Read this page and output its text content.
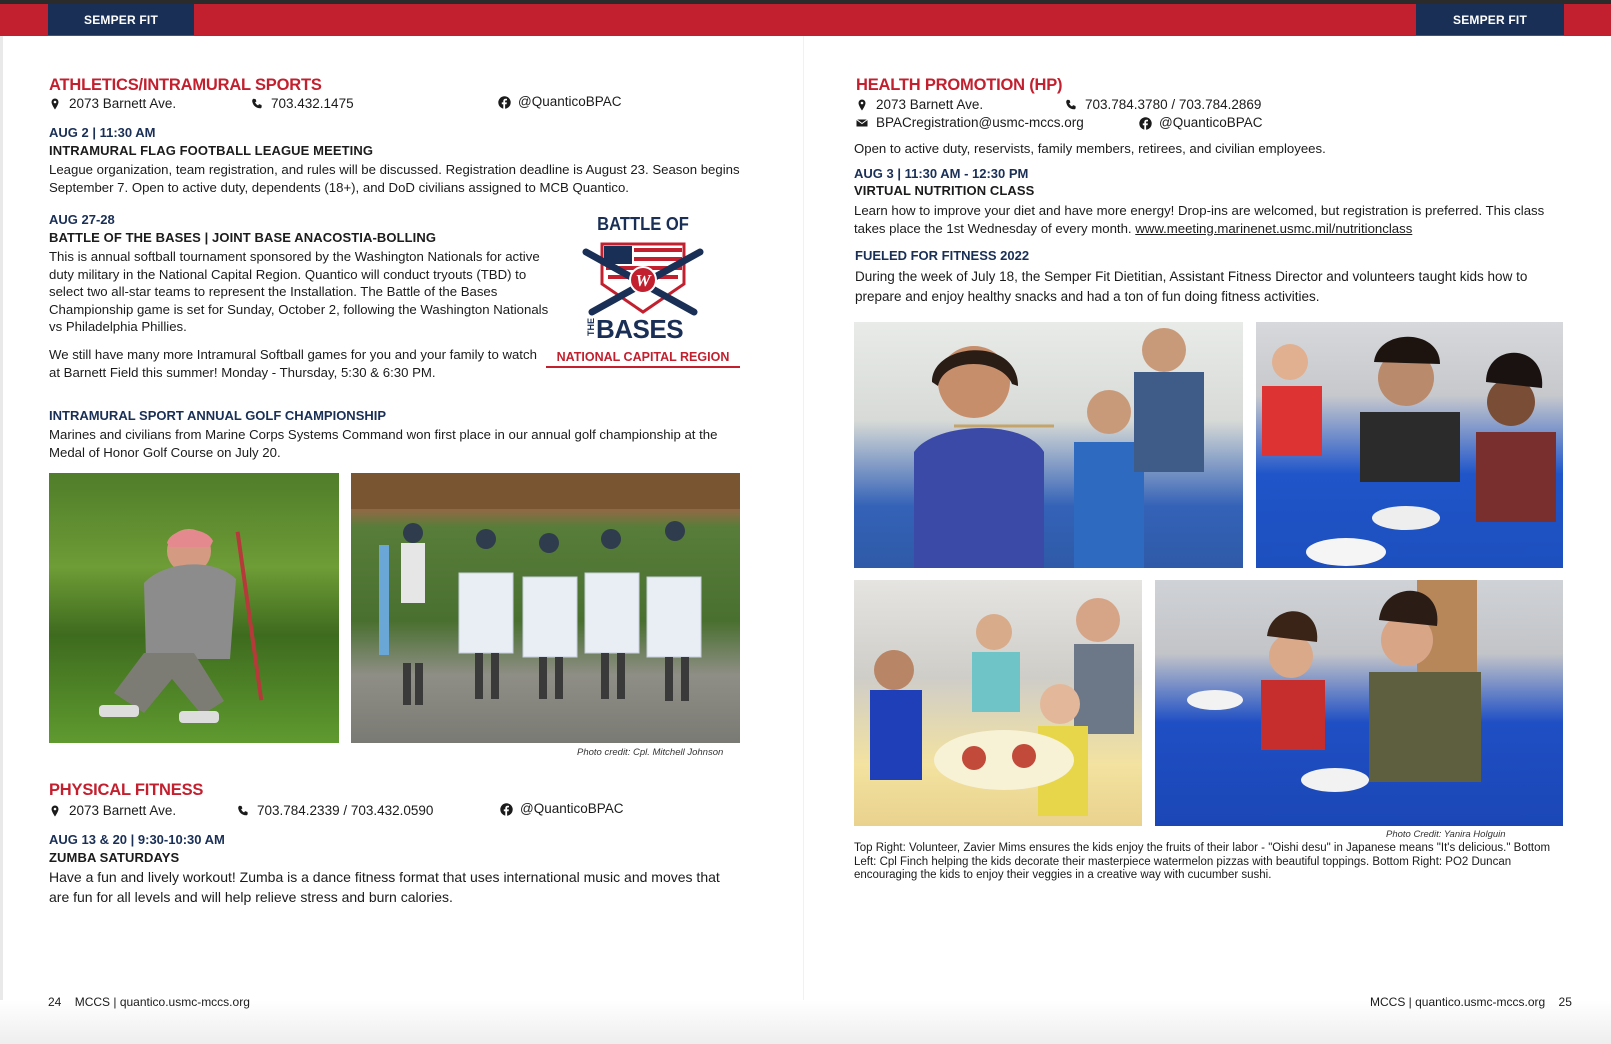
SEMPER FIT	SEMPER FIT
ATHLETICS/INTRAMURAL SPORTS
2073 Barnett Ave.	703.432.1475	@QuanticoBPAC
AUG 2 | 11:30 AM
INTRAMURAL FLAG FOOTBALL LEAGUE MEETING
League organization, team registration, and rules will be discussed. Registration deadline is August 23. Season begins September 7. Open to active duty, dependents (18+), and DoD civilians assigned to MCB Quantico.
AUG 27-28
BATTLE OF THE BASES | JOINT BASE ANACOSTIA-BOLLING
This is annual softball tournament sponsored by the Washington Nationals for active duty military in the National Capital Region. Quantico will conduct tryouts (TBD) to select two all-star teams to represent the Installation. The Battle of the Bases Championship game is set for Sunday, October 2, following the Washington Nationals vs Philadelphia Phillies.
We still have many more Intramural Softball games for you and your family to watch at Barnett Field this summer! Monday - Thursday, 5:30 & 6:30 PM.
BATTLE OF
W
THE BASES
NATIONAL CAPITAL REGION
INTRAMURAL SPORT ANNUAL GOLF CHAMPIONSHIP
Marines and civilians from Marine Corps Systems Command won first place in our annual golf championship at the Medal of Honor Golf Course on July 20.
Photo credit: Cpl. Mitchell Johnson
PHYSICAL FITNESS
2073 Barnett Ave.	703.784.2339 / 703.432.0590	@QuanticoBPAC
AUG 13 & 20 | 9:30-10:30 AM
ZUMBA SATURDAYS
Have a fun and lively workout! Zumba is a dance fitness format that uses international music and moves that are fun for all levels and will help relieve stress and burn calories.
HEALTH PROMOTION (HP)
2073 Barnett Ave.	703.784.3780 / 703.784.2869
BPACregistration@usmc-mccs.org	@QuanticoBPAC
Open to active duty, reservists, family members, retirees, and civilian employees.
AUG 3 | 11:30 AM - 12:30 PM
VIRTUAL NUTRITION CLASS
Learn how to improve your diet and have more energy! Drop-ins are welcomed, but registration is preferred. This class takes place the 1st Wednesday of every month. www.meeting.marinenet.usmc.mil/nutritionclass
FUELED FOR FITNESS 2022
During the week of July 18, the Semper Fit Dietitian, Assistant Fitness Director and volunteers taught kids how to prepare and enjoy healthy snacks and had a ton of fun doing fitness activities.
Photo Credit: Yanira Holguin
Top Right: Volunteer, Zavier Mims ensures the kids enjoy the fruits of their labor - "Oishi desu" in Japanese means "It's delicious." Bottom Left: Cpl Finch helping the kids decorate their masterpiece watermelon pizzas with beautiful toppings. Bottom Right: PO2 Duncan encouraging the kids to enjoy their veggies in a creative way with cucumber sushi.
24 MCCS | quantico.usmc-mccs.org	MCCS | quantico.usmc-mccs.org 25
